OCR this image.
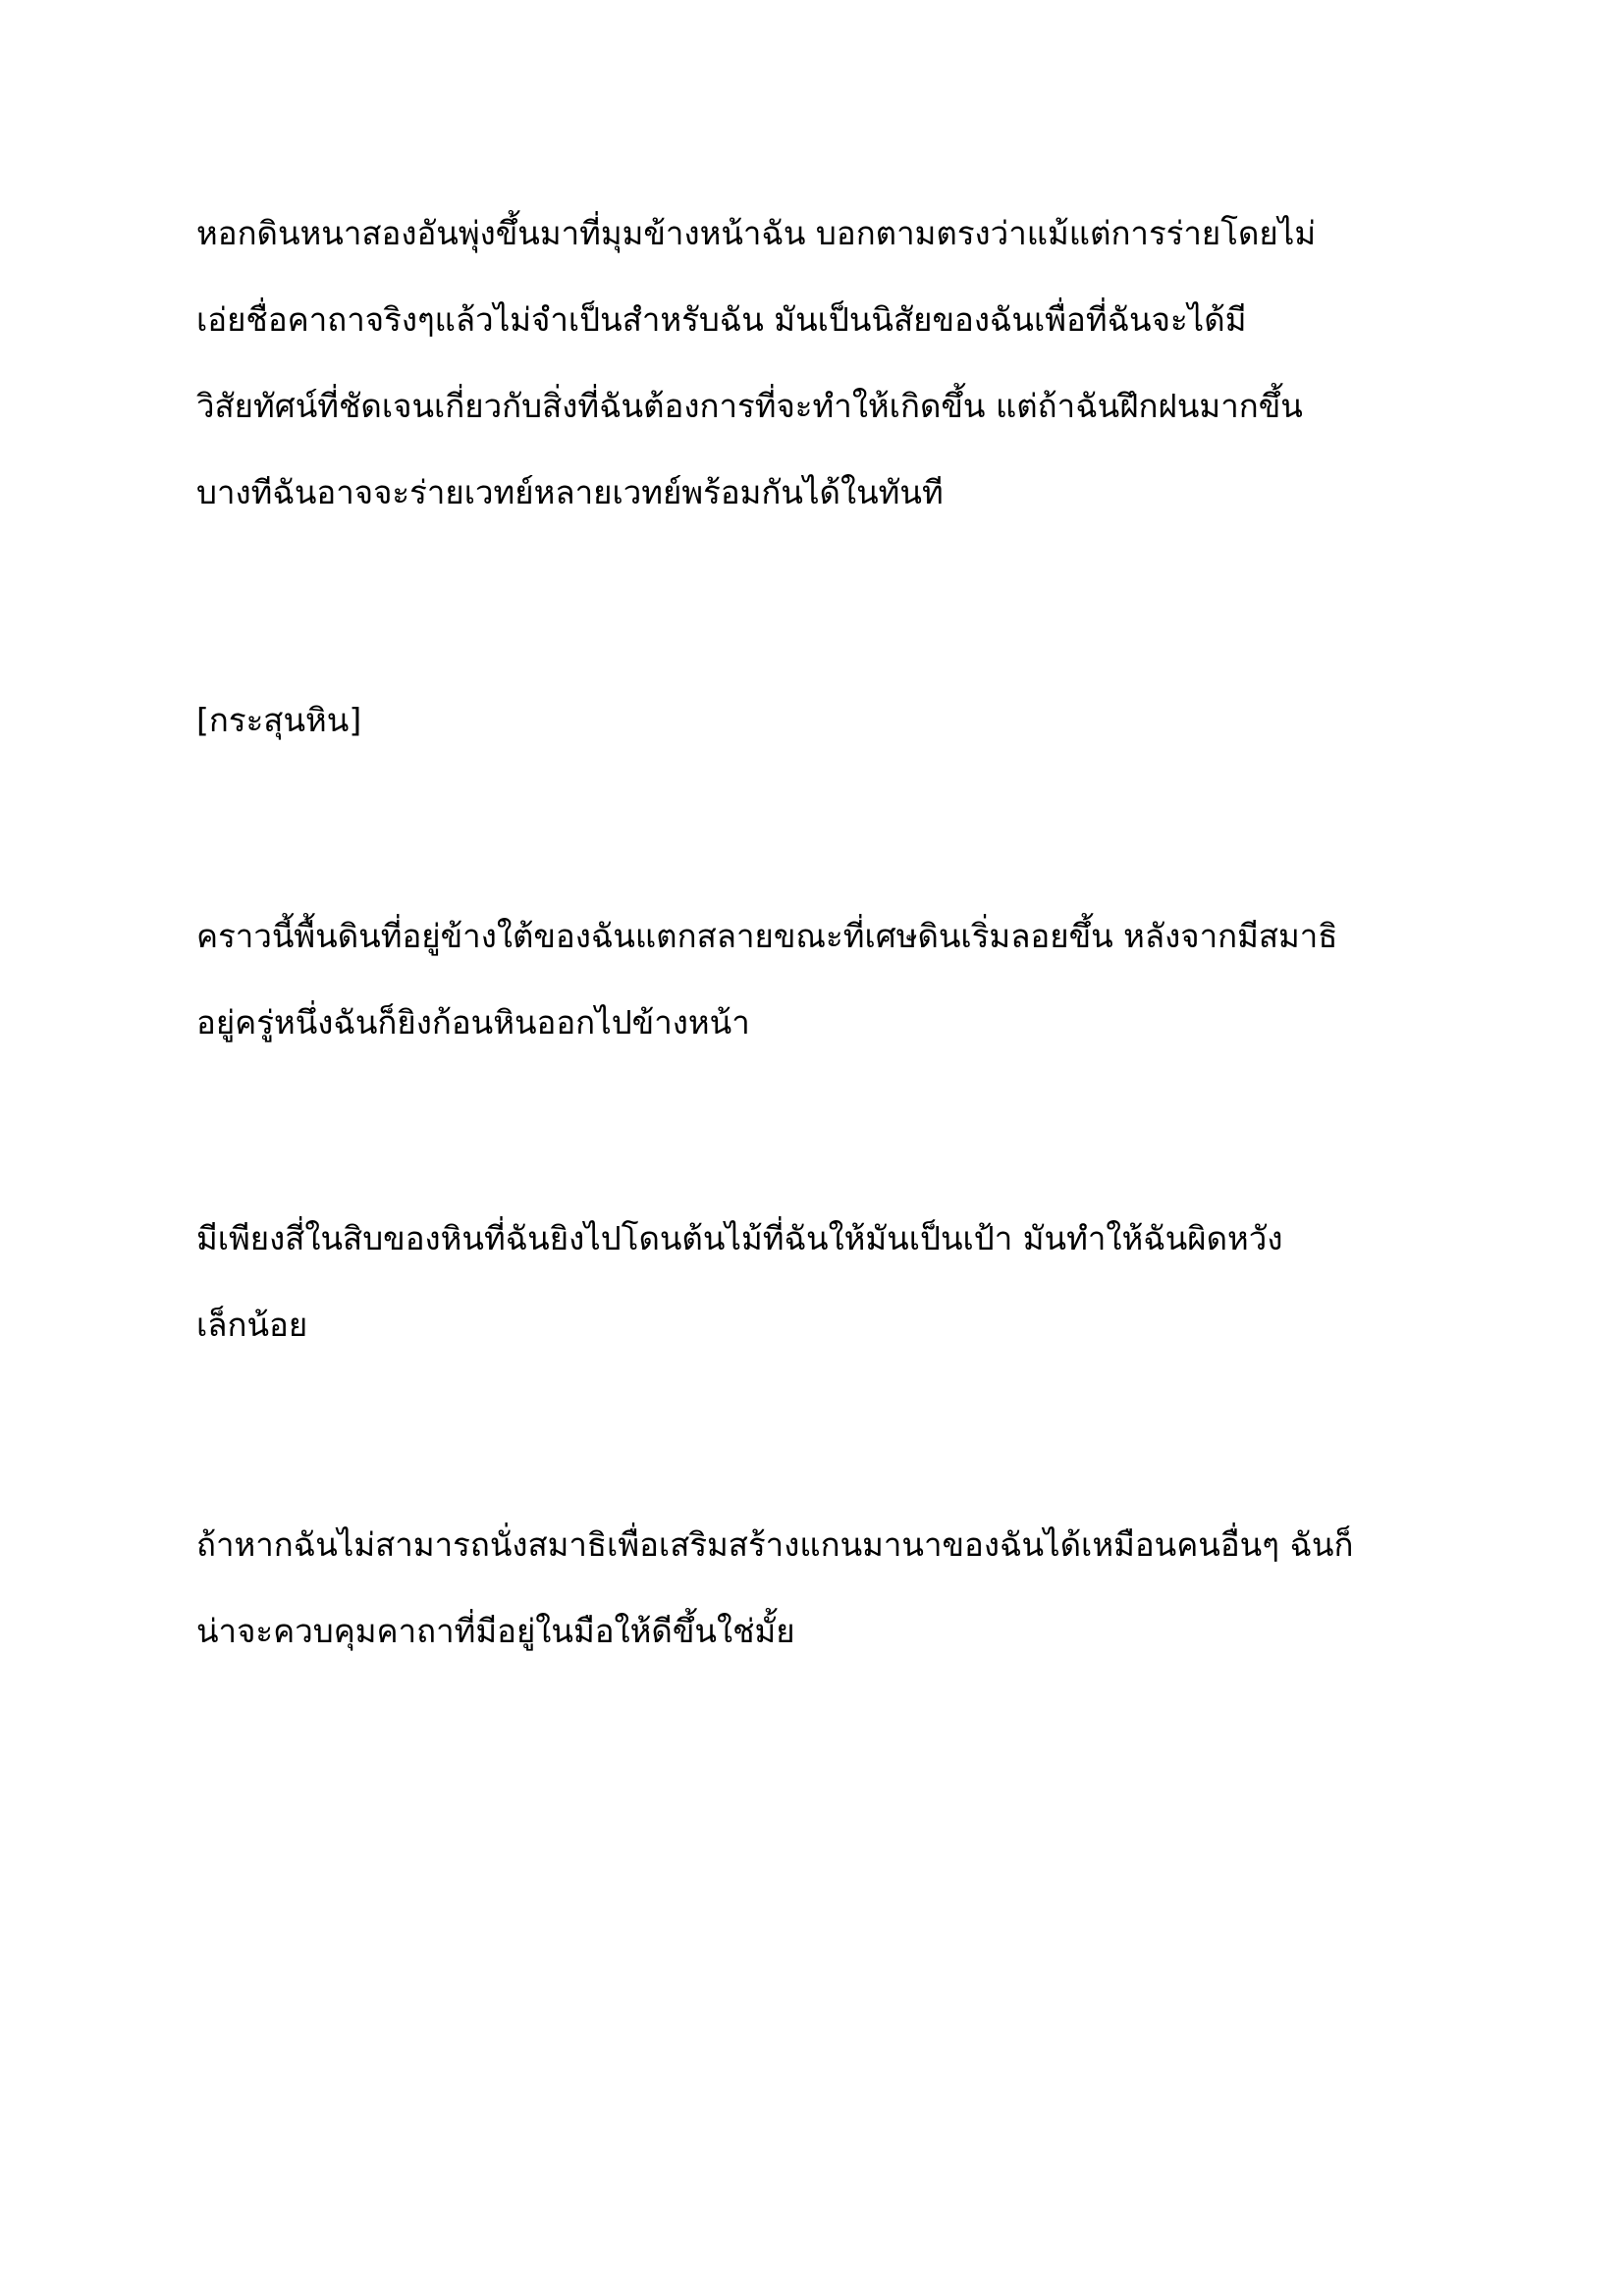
หอกดินหนาสองอันพุ่งขึ้นมาที่มุมข้างหน้าฉัน บอกตามตรงว่าแม้แต่การร่ายโดยไม่
เอ่ยชื่อคาถาจริงๆแล้วไม่จำเป็นสำหรับฉัน มันเป็นนิสัยของฉันเพื่อที่ฉันจะได้มี
วิสัยทัศน์ที่ชัดเจนเกี่ยวกับสิ่งที่ฉันต้องการที่จะทำให้เกิดขึ้น แต่ถ้าฉันฝึกฝนมากขึ้น
บางทีฉันอาจจะร่ายเวทย์หลายเวทย์พร้อมกันได้ในทันที

[กระสุนหิน]

คราวนี้พื้นดินที่อยู่ข้างใต้ของฉันแตกสลายขณะที่เศษดินเริ่มลอยขึ้น หลังจากมีสมาธิ
อยู่ครู่หนึ่งฉันก็ยิงก้อนหินออกไปข้างหน้า

มีเพียงสี่ในสิบของหินที่ฉันยิงไปโดนต้นไม้ที่ฉันให้มันเป็นเป้า มันทำให้ฉันผิดหวัง
เล็กน้อย

ถ้าหากฉันไม่สามารถนั่งสมาธิเพื่อเสริมสร้างแกนมานาของฉันได้เหมือนคนอื่นๆ ฉันก็
น่าจะควบคุมคาถาที่มีอยู่ในมือให้ดีขึ้นใช่มั้ย
